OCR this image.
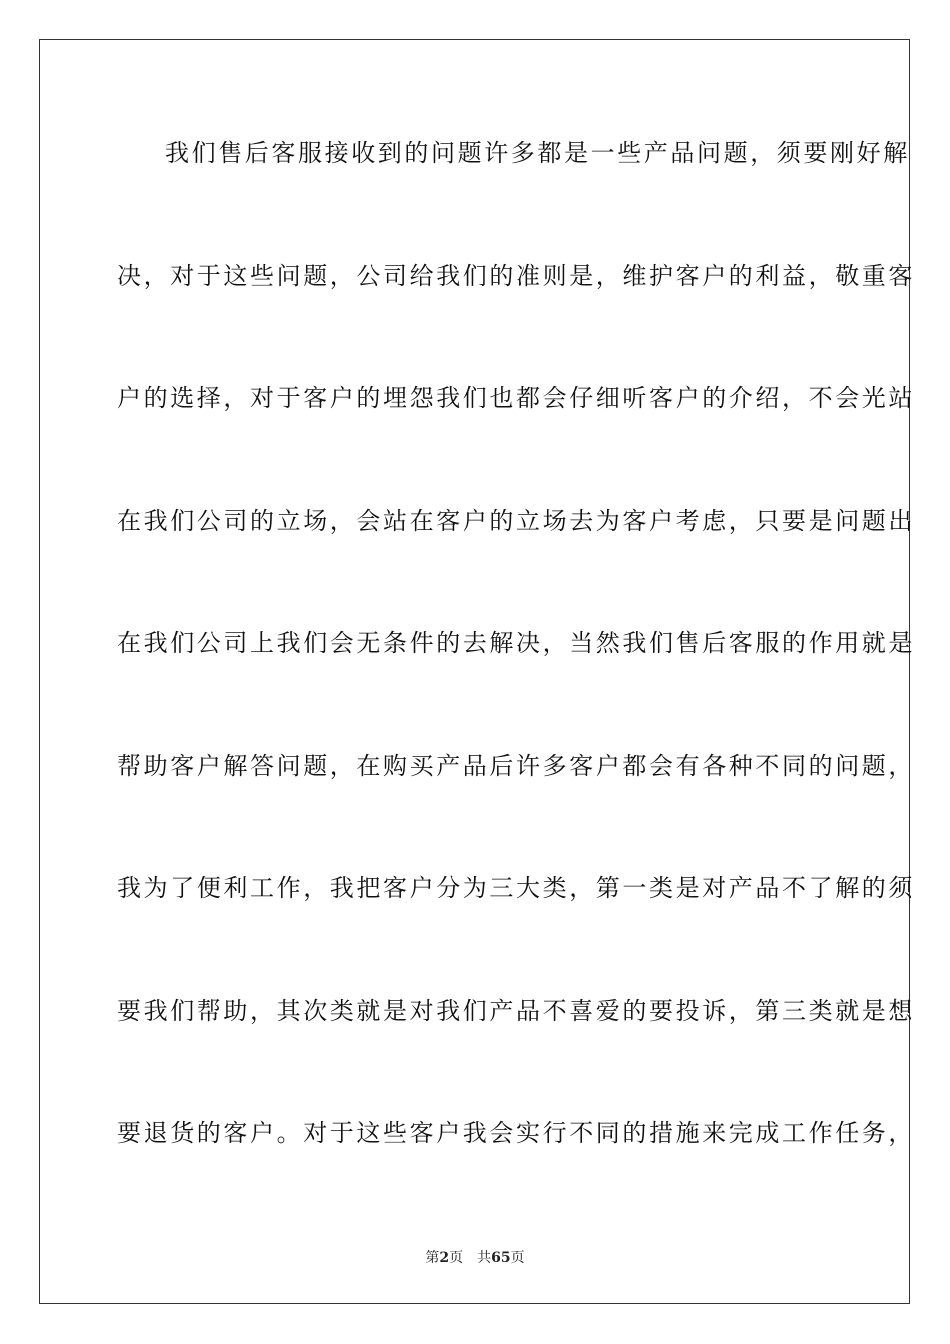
我们售后客服接收到的问题许多都是一些产品问题，须要刚好解
决，对于这些问题，公司给我们的准则是，维护客户的利益，敬重客
户的选择，对于客户的埋怨我们也都会仔细听客户的介绍，不会光站
在我们公司的立场，会站在客户的立场去为客户考虑，只要是问题出
在我们公司上我们会无条件的去解决，当然我们售后客服的作用就是
帮助客户解答问题，在购买产品后许多客户都会有各种不同的问题，
我为了便利工作，我把客户分为三大类，第一类是对产品不了解的须
要我们帮助，其次类就是对我们产品不喜爱的要投诉，第三类就是想
要退货的客户。对于这些客户我会实行不同的措施来完成工作任务，
第2页 共65页
